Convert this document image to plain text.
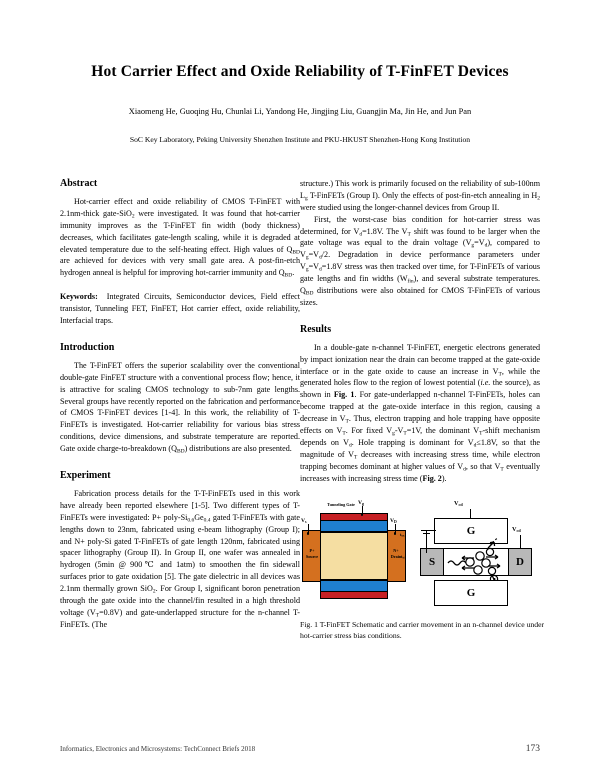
Hot Carrier Effect and Oxide Reliability of T-FinFET Devices
Xiaomeng He, Guoqing Hu, Chunlai Li, Yandong He, Jingjing Liu, Guangjin Ma, Jin He, and Jun Pan
SoC Key Laboratory, Peking University Shenzhen Institute and PKU-HKUST Shenzhen-Hong Kong Institution
Abstract

Hot-carrier effect and oxide reliability of CMOS T-FinFET with 2.1nm-thick gate-SiO$_2$ were investigated. It was found that hot-carrier immunity improves as the T-FinFET fin width (body thickness) decreases, which facilitates gate-length scaling, while it is degraded at elevated temperature due to the self-heating effect. High values of $Q_{BD}$ are achieved for devices with very small gate area. A post-fin-etch hydrogen anneal is helpful for improving hot-carrier immunity and $Q_{BD}$.

Keywords: Integrated Circuits, Semiconductor devices, Field effect transistor, Tunneling FET, FinFET, Hot carrier effect, oxide reliability, Interfacial traps.

Introduction

The T-FinFET offers the superior scalability over the conventional double-gate FinFET structure with a conventional process flow; hence, it is attractive for scaling CMOS technology to sub-7nm gate lengths. Several groups have recently reported on the fabrication and performance of CMOS T-FinFET devices [1-4]. In this work, the reliability of T-FinFETs is investigated. Hot-carrier reliability for various bias stress conditions, device dimensions, and substrate temperature are reported. Gate oxide charge-to-breakdown $(Q_{BD})$ distributions are also presented.

Experiment

Fabrication process details for the T-T-FinFETs used in this work have already been reported elsewhere [1-5]. Two different types of T-FinFETs were investigated: P+ poly-$Si_{0.6}Ge_{0.4}$ gated T-FinFETs with gate lengths down to 23nm, fabricated using e-beam lithography (Group I); and N+ poly-Si gated T-FinFETs of gate length 120nm, fabricated using spacer lithography (Group II). In Group II, one wafer was annealed in hydrogen (5min @ 900℃ and 1atm) to smoothen the fin sidewall surfaces prior to gate oxidation [5]. The gate dielectric in all devices was 2.1nm thermally grown SiO$_2$. For Group I, significant boron penetration through the gate oxide into the channel/fin resulted in a high threshold voltage $(V_T=0.8V)$ and gate-underlapped structure for the n-channel T-FinFETs. (The

structure.) This work is primarily focused on the reliability of sub-100nm $L_g$ T-FinFETs (Group I). Only the effects of post-fin-etch annealing in $H_2$ were studied using the longer-channel devices from Group II.

First, the worst-case bias condition for hot-carrier stress was determined, for $V_d=1.8V$. The $V_T$ shift was found to be larger when the gate voltage was equal to the drain voltage $(V_g=V_d)$, compared to $V_g=V_d/2$. Degradation in device performance parameters under $V_g=V_d=1.8V$ stress was then tracked over time, for T-FinFETs of various gate lengths and fin widths $(W_{fin})$, and several substrate temperatures. $Q_{BD}$ distributions were also obtained for CMOS T-FinFETs of various sizes.

Results

In a double-gate n-channel T-FinFET, energetic electrons generated by impact ionization near the drain can become trapped at the gate-oxide interface or in the gate oxide to cause an increase in $V_T$, while the generated holes flow to the region of lowest potential (i.e. the source), as shown in Fig. 1. For gate-underlapped n-channel T-FinFETs, holes can become trapped at the gate-oxide interface in this region, causing a decrease in $V_T$. Thus, electron trapping and hole trapping have opposite effects on $V_T$. For fixed $V_g-V_T=1V$, the dominant $V_T$-shift mechanism depends on $V_d$. Hole trapping is dominant for $V_d\le 1.8V$, so that the magnitude of $V_T$ decreases with increasing stress time, while electron trapping becomes dominant at higher values of $V_d$, so that $V_T$ eventually increases with increasing stress time (Fig. 2).

P+
Source
N+
Drain
Tunneling Gate
$V_s$
$V_g$
$V_D$
$t_{ox}$
$t_{si}$
$V_{cd}$
G	$V_{cd}$
S	D
G
Fig. 1 T-FinFET Schematic and carrier movement in an n-channel device under hot-carrier stress bias conditions.
Informatics, Electronics and Microsystems: TechConnect Briefs 2018	173
